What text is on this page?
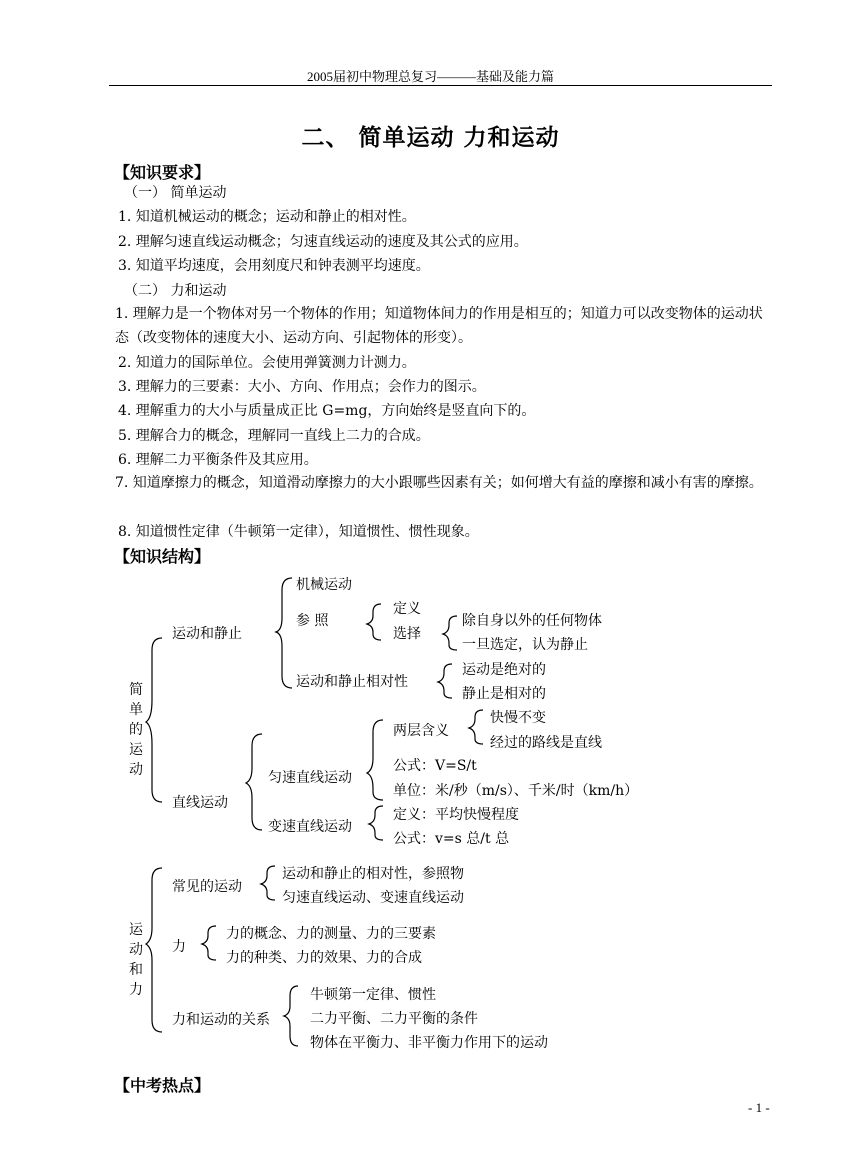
2005届初中物理总复习———基础及能力篇
二、 简单运动 力和运动
【知识要求】
（一） 简单运动
1. 知道机械运动的概念；运动和静止的相对性。
2. 理解匀速直线运动概念；匀速直线运动的速度及其公式的应用。
3. 知道平均速度，会用刻度尺和钟表测平均速度。
（二） 力和运动
1. 理解力是一个物体对另一个物体的作用；知道物体间力的作用是相互的；知道力可以改变物体的运动状态（改变物体的速度大小、运动方向、引起物体的形变）。
2. 知道力的国际单位。会使用弹簧测力计测力。
3. 理解力的三要素：大小、方向、作用点；会作力的图示。
4. 理解重力的大小与质量成正比 G=mg，方向始终是竖直向下的。
5. 理解合力的概念，理解同一直线上二力的合成。
6. 理解二力平衡条件及其应用。
7. 知道摩擦力的概念，知道滑动摩擦力的大小跟哪些因素有关；如何增大有益的摩擦和减小有害的摩擦。
8. 知道惯性定律（牛顿第一定律），知道惯性、惯性现象。
【知识结构】
简单的运动
运动和静止
机械运动
参 照
定义
选择
除自身以外的任何物体
一旦选定，认为静止
运动和静止相对性
运动是绝对的
静止是相对的
直线运动
匀速直线运动
两层含义
快慢不变
经过的路线是直线
公式：V=S/t
单位：米/秒（m/s）、千米/时（km/h）
变速直线运动
定义：平均快慢程度
公式：v=s 总/t 总
运动和力
常见的运动
运动和静止的相对性，参照物
匀速直线运动、变速直线运动
力
力的概念、力的测量、力的三要素
力的种类、力的效果、力的合成
力和运动的关系
牛顿第一定律、惯性
二力平衡、二力平衡的条件
物体在平衡力、非平衡力作用下的运动
【中考热点】
- 1 -
